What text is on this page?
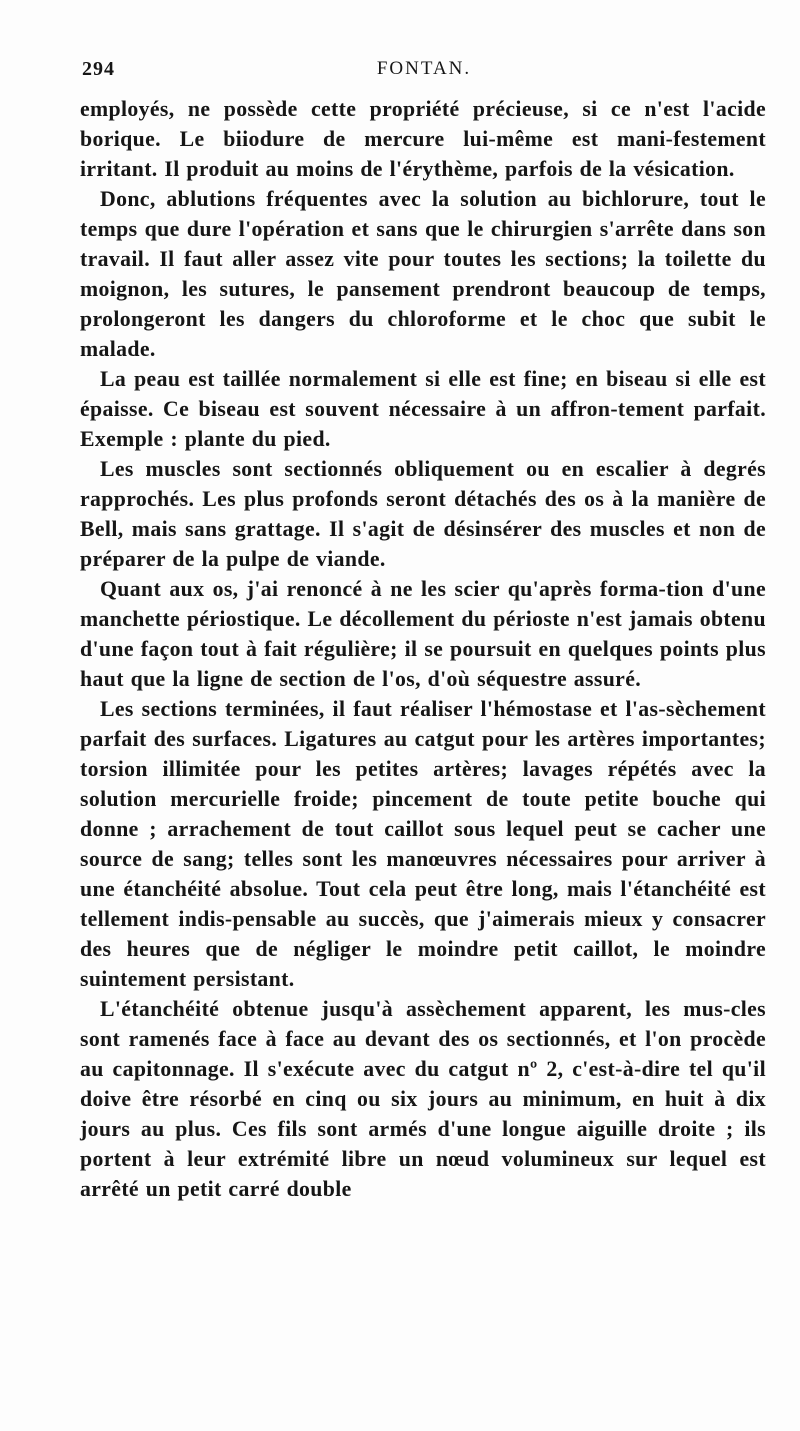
294	FONTAN.

employés, ne possède cette propriété précieuse, si ce n'est l'acide borique. Le biiodure de mercure lui-même est mani-festement irritant. Il produit au moins de l'érythème, parfois de la vésication.

Donc, ablutions fréquentes avec la solution au bichlorure, tout le temps que dure l'opération et sans que le chirurgien s'arrête dans son travail. Il faut aller assez vite pour toutes les sections; la toilette du moignon, les sutures, le pansement prendront beaucoup de temps, prolongeront les dangers du chloroforme et le choc que subit le malade.

La peau est taillée normalement si elle est fine; en biseau si elle est épaisse. Ce biseau est souvent nécessaire à un affron-tement parfait. Exemple : plante du pied.

Les muscles sont sectionnés obliquement ou en escalier à degrés rapprochés. Les plus profonds seront détachés des os à la manière de Bell, mais sans grattage. Il s'agit de désinsérer des muscles et non de préparer de la pulpe de viande.

Quant aux os, j'ai renoncé à ne les scier qu'après forma-tion d'une manchette périostique. Le décollement du périoste n'est jamais obtenu d'une façon tout à fait régulière; il se poursuit en quelques points plus haut que la ligne de section de l'os, d'où séquestre assuré.

Les sections terminées, il faut réaliser l'hémostase et l'as-sèchement parfait des surfaces. Ligatures au catgut pour les artères importantes; torsion illimitée pour les petites artères; lavages répétés avec la solution mercurielle froide; pincement de toute petite bouche qui donne ; arrachement de tout caillot sous lequel peut se cacher une source de sang; telles sont les manœuvres nécessaires pour arriver à une étanchéité absolue. Tout cela peut être long, mais l'étanchéité est tellement indis-pensable au succès, que j'aimerais mieux y consacrer des heures que de négliger le moindre petit caillot, le moindre suintement persistant.

L'étanchéité obtenue jusqu'à assèchement apparent, les mus-cles sont ramenés face à face au devant des os sectionnés, et l'on procède au capitonnage. Il s'exécute avec du catgut nº 2, c'est-à-dire tel qu'il doive être résorbé en cinq ou six jours au minimum, en huit à dix jours au plus. Ces fils sont armés d'une longue aiguille droite ; ils portent à leur extrémité libre un nœud volumineux sur lequel est arrêté un petit carré double
